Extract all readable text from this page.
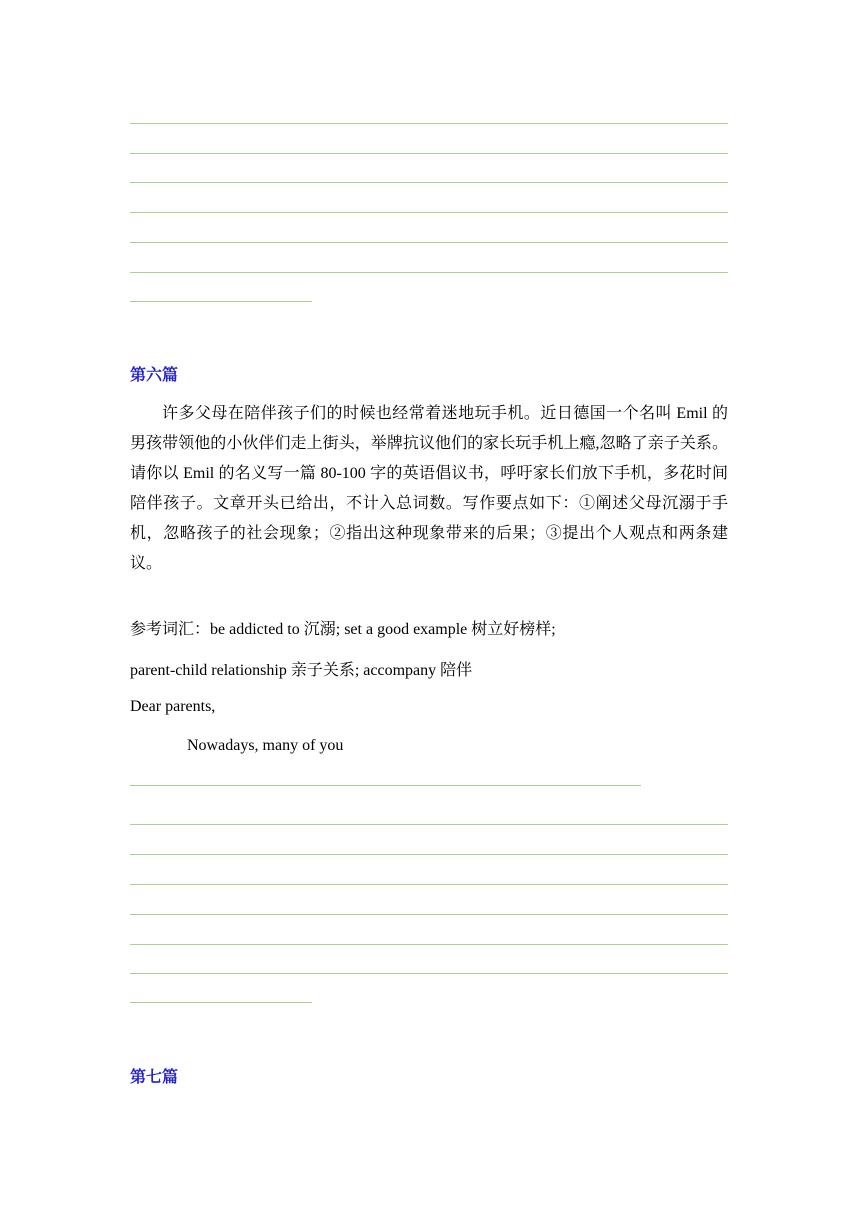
第六篇
许多父母在陪伴孩子们的时候也经常着迷地玩手机。近日德国一个名叫 Emil 的男孩带领他的小伙伴们走上街头，举牌抗议他们的家长玩手机上瘾,忽略了亲子关系。请你以 Emil 的名义写一篇 80-100 字的英语倡议书，呼吁家长们放下手机，多花时间陪伴孩子。文章开头已给出，不计入总词数。写作要点如下：①阐述父母沉溺于手机，忽略孩子的社会现象；②指出这种现象带来的后果；③提出个人观点和两条建议。
参考词汇：be addicted to 沉溺; set a good example 树立好榜样;
parent-child relationship 亲子关系; accompany 陪伴
Dear parents,
Nowadays, many of you
第七篇
